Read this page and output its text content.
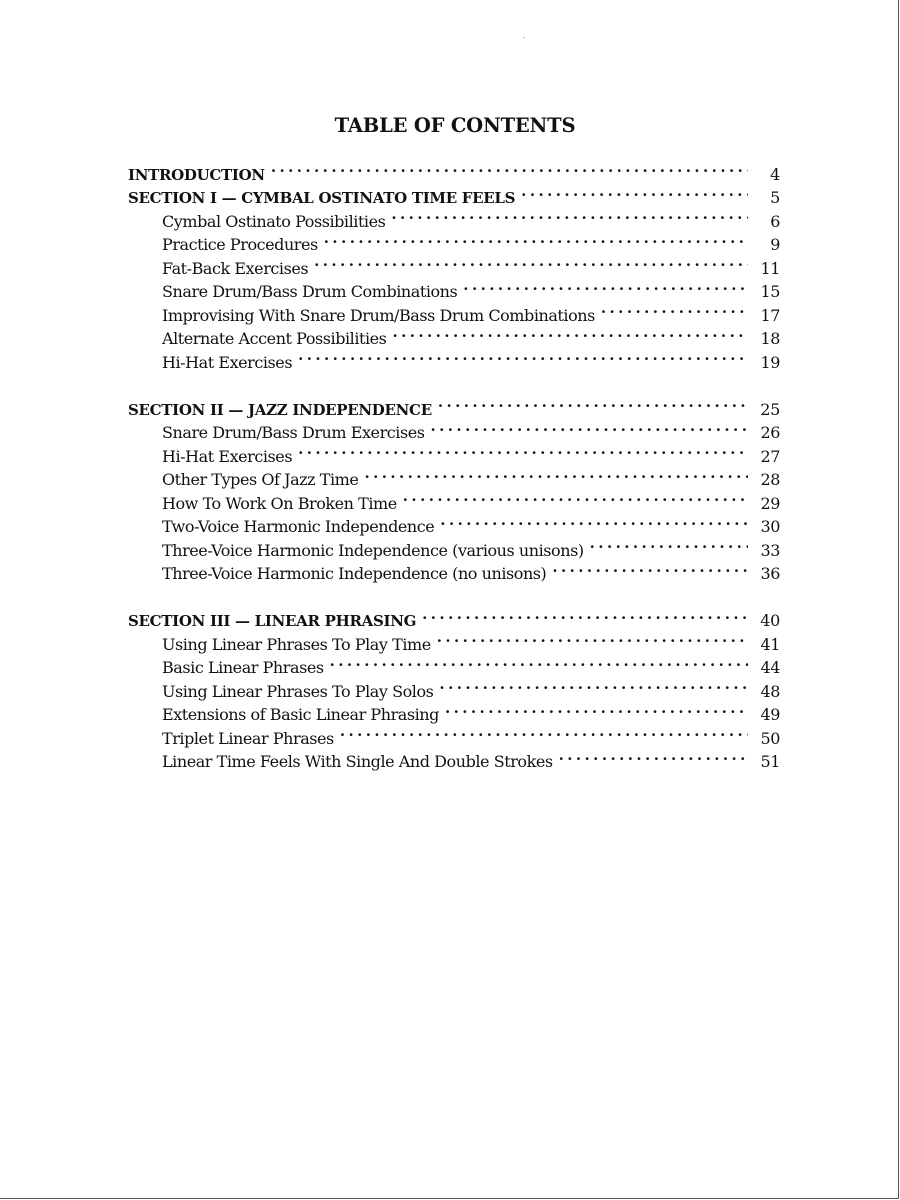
TABLE OF CONTENTS
INTRODUCTION . . .	4
SECTION I — CYMBAL OSTINATO TIME FEELS . . .	5
Cymbal Ostinato Possibilities . . .	6
Practice Procedures . . .	9
Fat-Back Exercises . . .	11
Snare Drum/Bass Drum Combinations . . .	15
Improvising With Snare Drum/Bass Drum Combinations . . .	17
Alternate Accent Possibilities . . .	18
Hi-Hat Exercises . . .	19
SECTION II — JAZZ INDEPENDENCE . . .	25
Snare Drum/Bass Drum Exercises . . .	26
Hi-Hat Exercises . . .	27
Other Types Of Jazz Time . . .	28
How To Work On Broken Time . . .	29
Two-Voice Harmonic Independence . . .	30
Three-Voice Harmonic Independence (various unisons) . . .	33
Three-Voice Harmonic Independence (no unisons) . . .	36
SECTION III — LINEAR PHRASING . . .	40
Using Linear Phrases To Play Time . . .	41
Basic Linear Phrases . . .	44
Using Linear Phrases To Play Solos . . .	48
Extensions of Basic Linear Phrasing . . .	49
Triplet Linear Phrases . . .	50
Linear Time Feels With Single And Double Strokes . . .	51
